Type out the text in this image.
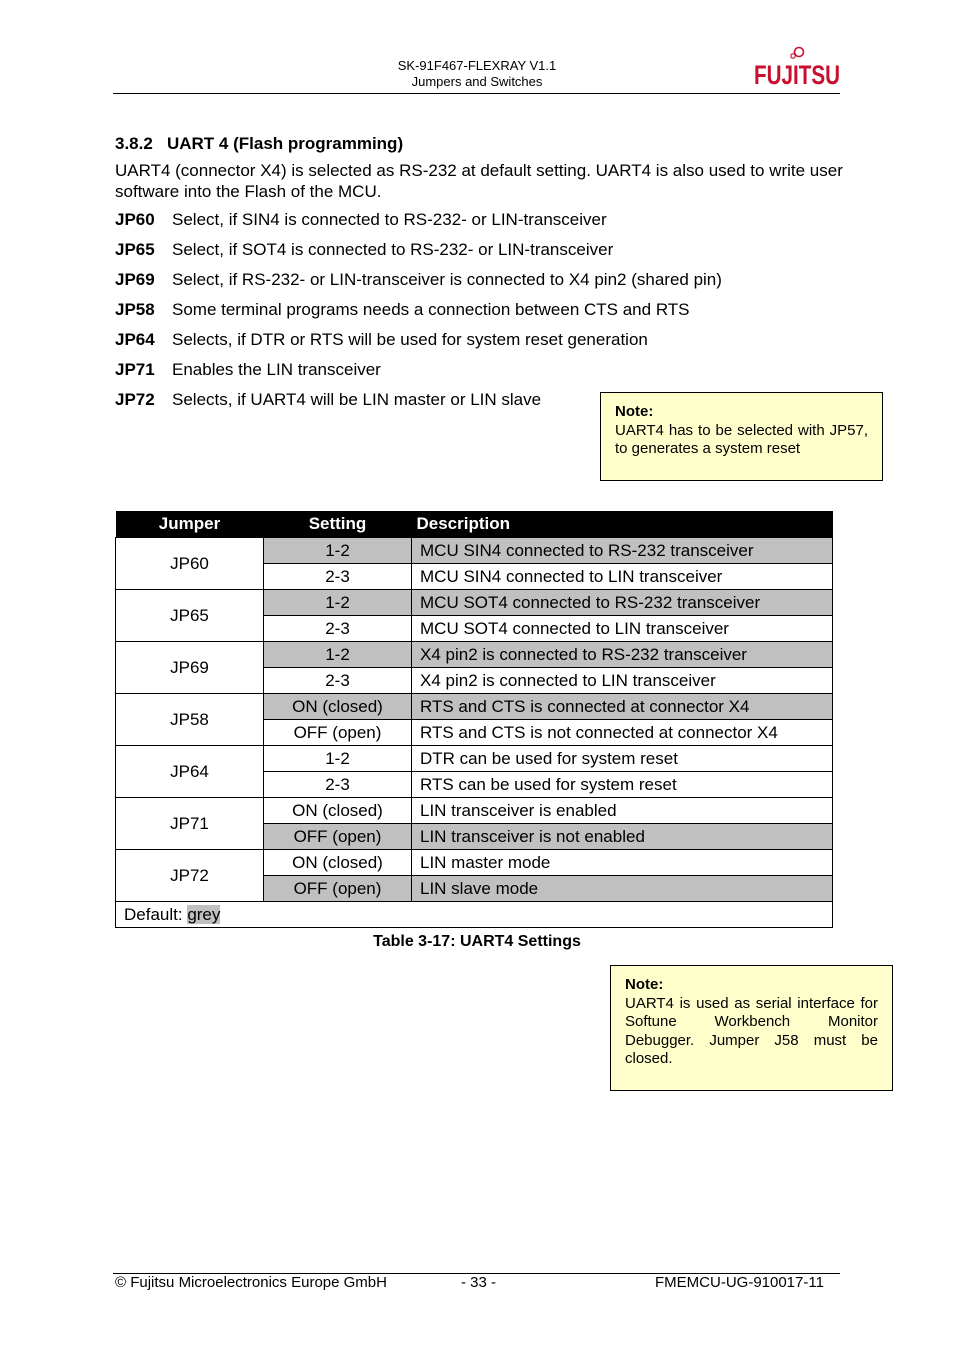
SK-91F467-FLEXRAY V1.1
Jumpers and Switches	FUJITSU
3.8.2   UART 4 (Flash programming)
UART4 (connector X4) is selected as RS-232 at default setting. UART4 is also used to write user software into the Flash of the MCU.
JP60 Select, if SIN4 is connected to RS-232- or LIN-transceiver
JP65 Select, if SOT4 is connected to RS-232- or LIN-transceiver
JP69 Select, if RS-232- or LIN-transceiver is connected to X4 pin2 (shared pin)
JP58 Some terminal programs needs a connection between CTS and RTS
JP64 Selects, if DTR or RTS will be used for system reset generation
JP71 Enables the LIN transceiver
JP72 Selects, if UART4 will be LIN master or LIN slave
Note:
UART4 has to be selected with JP57, to generates a system reset
Jumper	Setting	Description
JP60	1-2	MCU SIN4 connected to RS-232 transceiver
	2-3	MCU SIN4 connected to LIN transceiver
JP65	1-2	MCU SOT4 connected to RS-232 transceiver
	2-3	MCU SOT4 connected to LIN transceiver
JP69	1-2	X4 pin2 is connected to RS-232 transceiver
	2-3	X4 pin2 is connected to LIN transceiver
JP58	ON (closed)	RTS and CTS is connected at connector X4
	OFF (open)	RTS and CTS is not connected at connector X4
JP64	1-2	DTR can be used for system reset
	2-3	RTS can be used for system reset
JP71	ON (closed)	LIN transceiver is enabled
	OFF (open)	LIN transceiver is not enabled
JP72	ON (closed)	LIN master mode
	OFF (open)	LIN slave mode
Default: grey		
Table 3-17: UART4 Settings
Note:
UART4 is used as serial interface for Softune Workbench Monitor Debugger. Jumper J58 must be closed.
© Fujitsu Microelectronics Europe GmbH	- 33 -	FMEMCU-UG-910017-11
